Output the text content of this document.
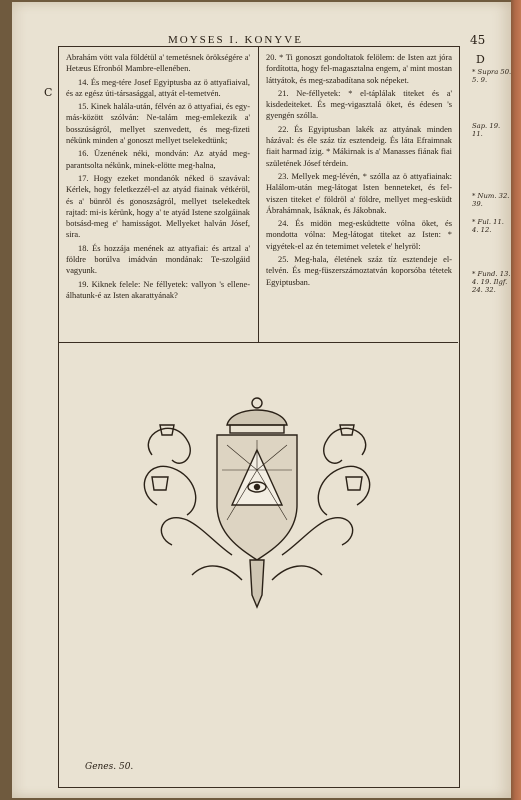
MOYSES I. KONYVE	45
C
D
* Supra 50. 5. 9.
Sap. 19. 11.
* Num. 32. 39.
* Ful. 11. 4. 12.
* Fund. 13. 4. 19. Ilgf. 24. 32.

Abrahám vött vala földétül a' temetésnek örökségére a' Hetæus Efronból Mambre-ellenében.

14. És meg-tére Josef Egyiptusba az ö attyafiaival, és az egész úti-társasággal, attyát el-temetvén.

15. Kinek halála-után, félvén az ö attyafiai, és egy-más-között szólván: Ne-talám meg-emlekezik a' bosszúságról, mellyet szenvedett, és meg-fizeti nékünk minden a' gonoszt mellyet tselekedtünk;

16. Üzenének néki, mondván: Az atyád meg-parantsolta nékünk, minek-elötte meg-halna,

17. Hogy ezeket mondanók néked ö szavával: Kérlek, hogy feletkezzél-el az atyád fiainak vétkéröl, és a' bünröl és gonoszságról, mellyet tselekedtek rajtad: mi-is kérünk, hogy a' te atyád Istene szolgáinak botsásd-meg e' hamisságot. Mellyeket halván Jósef, sira.

18. És hozzája menének az attyafiai: és artzal a' földre borúlva imádván mondának: Te-szolgáid vagyunk.

19. Kiknek felele: Ne féllyetek: vallyon 's ellene-álhatunk-é az Isten akarattyának?

20. * Ti gonoszt gondoltatok felölem: de Isten azt jóra fordította, hogy fel-magasztalna engem, a' mint mostan láttyátok, és meg-szabadítana sok népeket.

21. Ne-féllyetek: * el-táplálak titeket és a' kisdedeiteket. És meg-vigasztalá öket, és édesen 's gyengén szólla.

22. És Egyiptusban lakék az attyának minden házával: és éle száz tíz esztendeig. És láta Efraimnak fiait harmad ízig. * Mákirnak is a' Manasses fiának fiai születének Jósef térdein.

23. Mellyek meg-lévén, * szólla az ö attyafiainak: Halálom-után meg-látogat Isten benneteket, és fel-viszen titeket e' földröl a' földre, mellyet meg-esküdt Ábrahámnak, Isáknak, és Jákobnak.

24. És midön meg-esküdtette vólna öket, és mondotta vólna: Meg-látogat titeket az Isten: * vigyétek-el az én tetemimet veletek e' helyröl:

25. Meg-hala, életének száz tíz esztendeje el-telvén. És meg-füszerszámoztatván koporsóba tétetek Egyiptusban.

Genes. 50.
